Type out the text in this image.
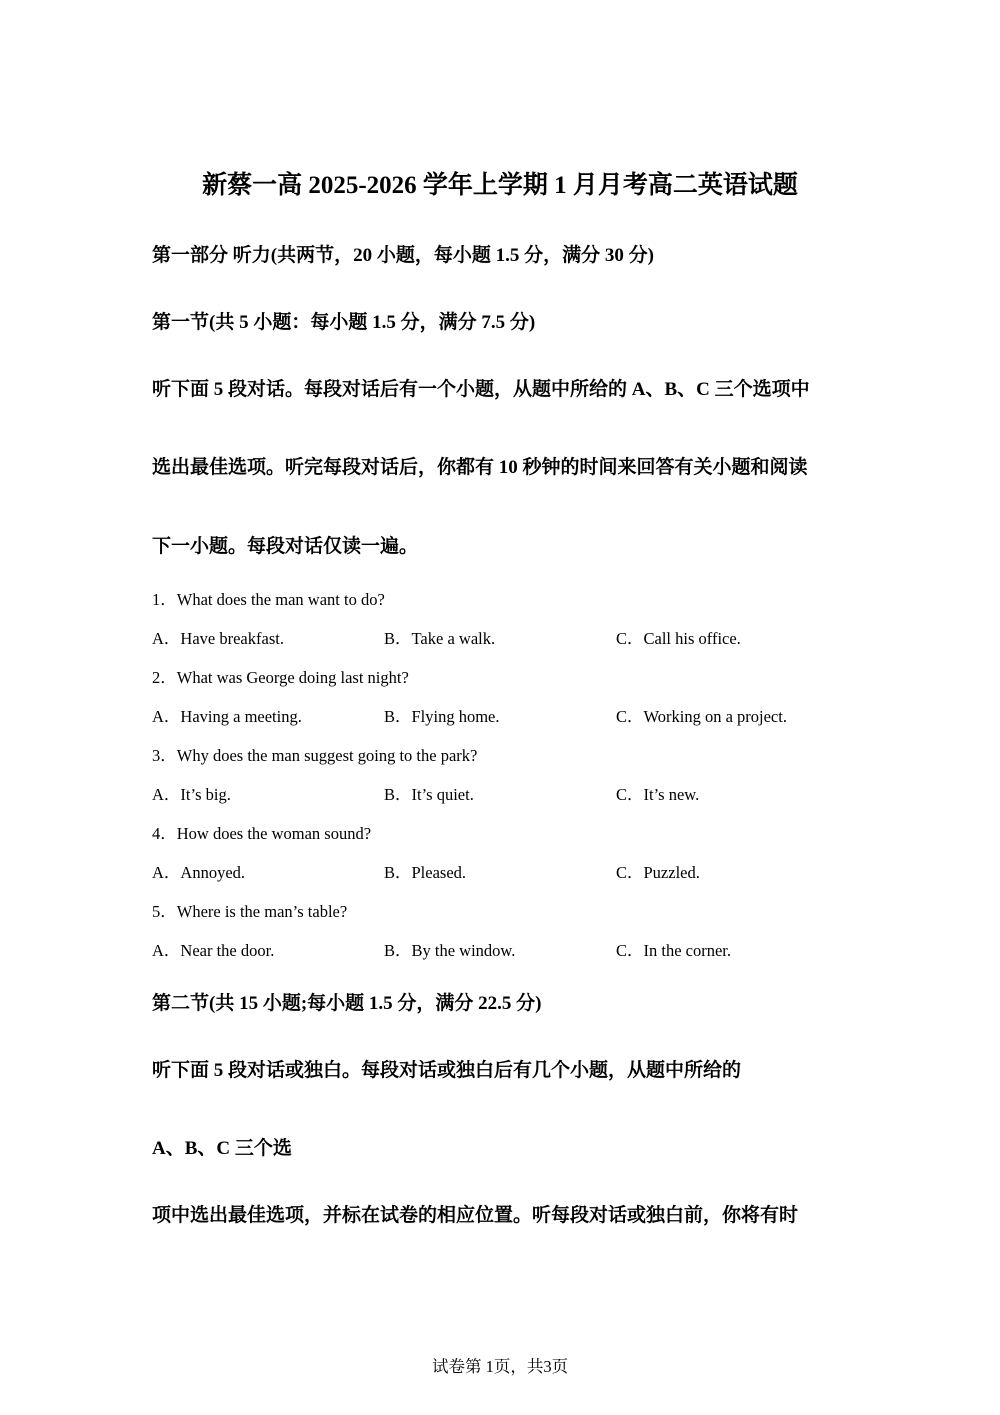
新蔡一高 2025-2026 学年上学期 1 月月考高二英语试题
第一部分 听力(共两节，20 小题，每小题 1.5 分，满分 30 分)
第一节(共 5 小题：每小题 1.5 分，满分 7.5 分)
听下面 5 段对话。每段对话后有一个小题，从题中所给的 A、B、C 三个选项中
选出最佳选项。听完每段对话后，你都有 10 秒钟的时间来回答有关小题和阅读
下一小题。每段对话仅读一遍。
1．What does the man want to do?
A．Have breakfast.	B．Take a walk.	C．Call his office.
2．What was George doing last night?
A．Having a meeting.	B．Flying home.	C．Working on a project.
3．Why does the man suggest going to the park?
A．It’s big.	B．It’s quiet.	C．It’s new.
4．How does the woman sound?
A．Annoyed.	B．Pleased.	C．Puzzled.
5．Where is the man’s table?
A．Near the door.	B．By the window.	C．In the corner.
第二节(共 15 小题;每小题 1.5 分，满分 22.5 分)
听下面 5 段对话或独白。每段对话或独白后有几个小题，从题中所给的
A、B、C 三个选
项中选出最佳选项，并标在试卷的相应位置。听每段对话或独白前，你将有时
试卷第 1页，共3页
